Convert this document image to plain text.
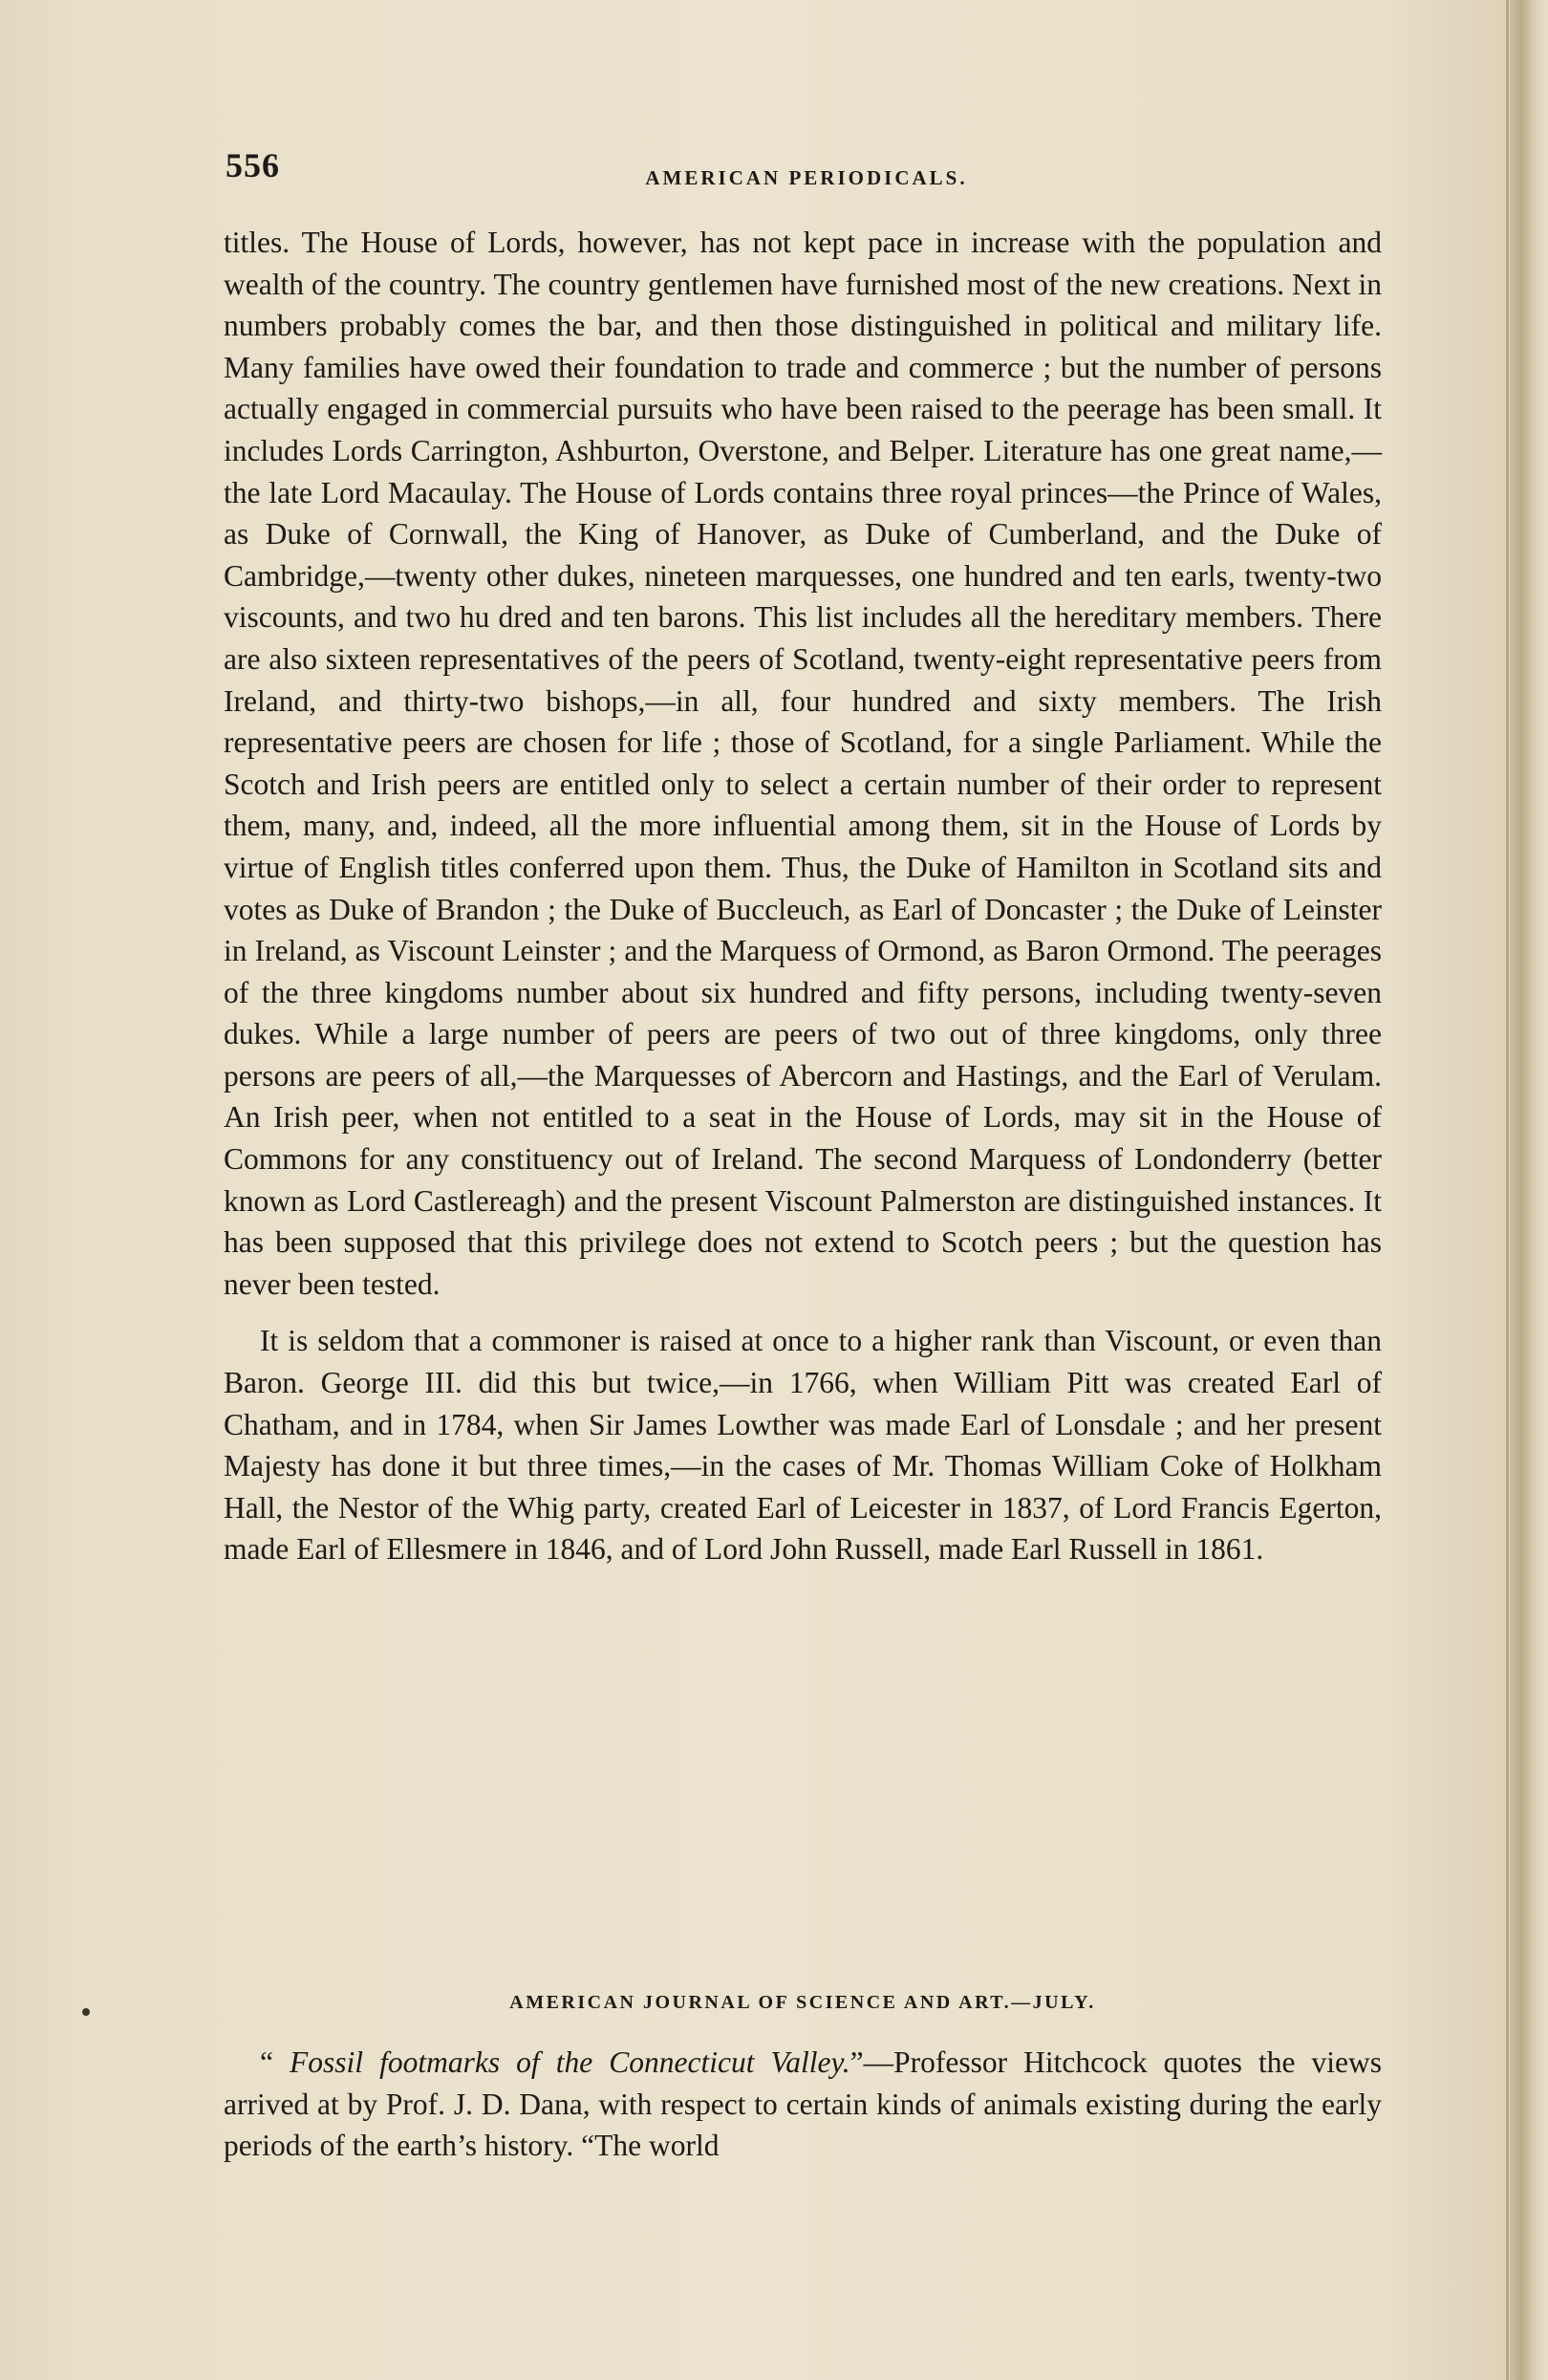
556	AMERICAN PERIODICALS.

titles. The House of Lords, however, has not kept pace in increase with the population and wealth of the country. The country gentlemen have furnished most of the new creations. Next in numbers probably comes the bar, and then those distinguished in political and military life. Many families have owed their foundation to trade and commerce ; but the number of persons actually engaged in commercial pursuits who have been raised to the peerage has been small. It includes Lords Carrington, Ashburton, Overstone, and Belper. Literature has one great name,—the late Lord Macaulay. The House of Lords contains three royal princes—the Prince of Wales, as Duke of Cornwall, the King of Hanover, as Duke of Cumberland, and the Duke of Cambridge,—twenty other dukes, nineteen marquesses, one hundred and ten earls, twenty-two viscounts, and two hu dred and ten barons. This list includes all the hereditary members. There are also sixteen representatives of the peers of Scotland, twenty-eight representative peers from Ireland, and thirty-two bishops,—in all, four hundred and sixty members. The Irish representative peers are chosen for life ; those of Scotland, for a single Parliament. While the Scotch and Irish peers are entitled only to select a certain number of their order to represent them, many, and, indeed, all the more influential among them, sit in the House of Lords by virtue of English titles conferred upon them. Thus, the Duke of Hamilton in Scotland sits and votes as Duke of Brandon ; the Duke of Buccleuch, as Earl of Doncaster ; the Duke of Leinster in Ireland, as Viscount Leinster ; and the Marquess of Ormond, as Baron Ormond. The peerages of the three kingdoms number about six hundred and fifty persons, including twenty-seven dukes. While a large number of peers are peers of two out of three kingdoms, only three persons are peers of all,—the Marquesses of Abercorn and Hastings, and the Earl of Verulam. An Irish peer, when not entitled to a seat in the House of Lords, may sit in the House of Commons for any constituency out of Ireland. The second Marquess of Londonderry (better known as Lord Castlereagh) and the present Viscount Palmerston are distinguished instances. It has been supposed that this privilege does not extend to Scotch peers ; but the question has never been tested.

It is seldom that a commoner is raised at once to a higher rank than Viscount, or even than Baron. George III. did this but twice,—in 1766, when William Pitt was created Earl of Chatham, and in 1784, when Sir James Lowther was made Earl of Lonsdale ; and her present Majesty has done it but three times,—in the cases of Mr. Thomas William Coke of Holkham Hall, the Nestor of the Whig party, created Earl of Leicester in 1837, of Lord Francis Egerton, made Earl of Ellesmere in 1846, and of Lord John Russell, made Earl Russell in 1861.

AMERICAN JOURNAL OF SCIENCE AND ART.—JULY.

“ Fossil footmarks of the Connecticut Valley.”—Professor Hitchcock quotes the views arrived at by Prof. J. D. Dana, with respect to certain kinds of animals existing during the early periods of the earth’s history. “The world
